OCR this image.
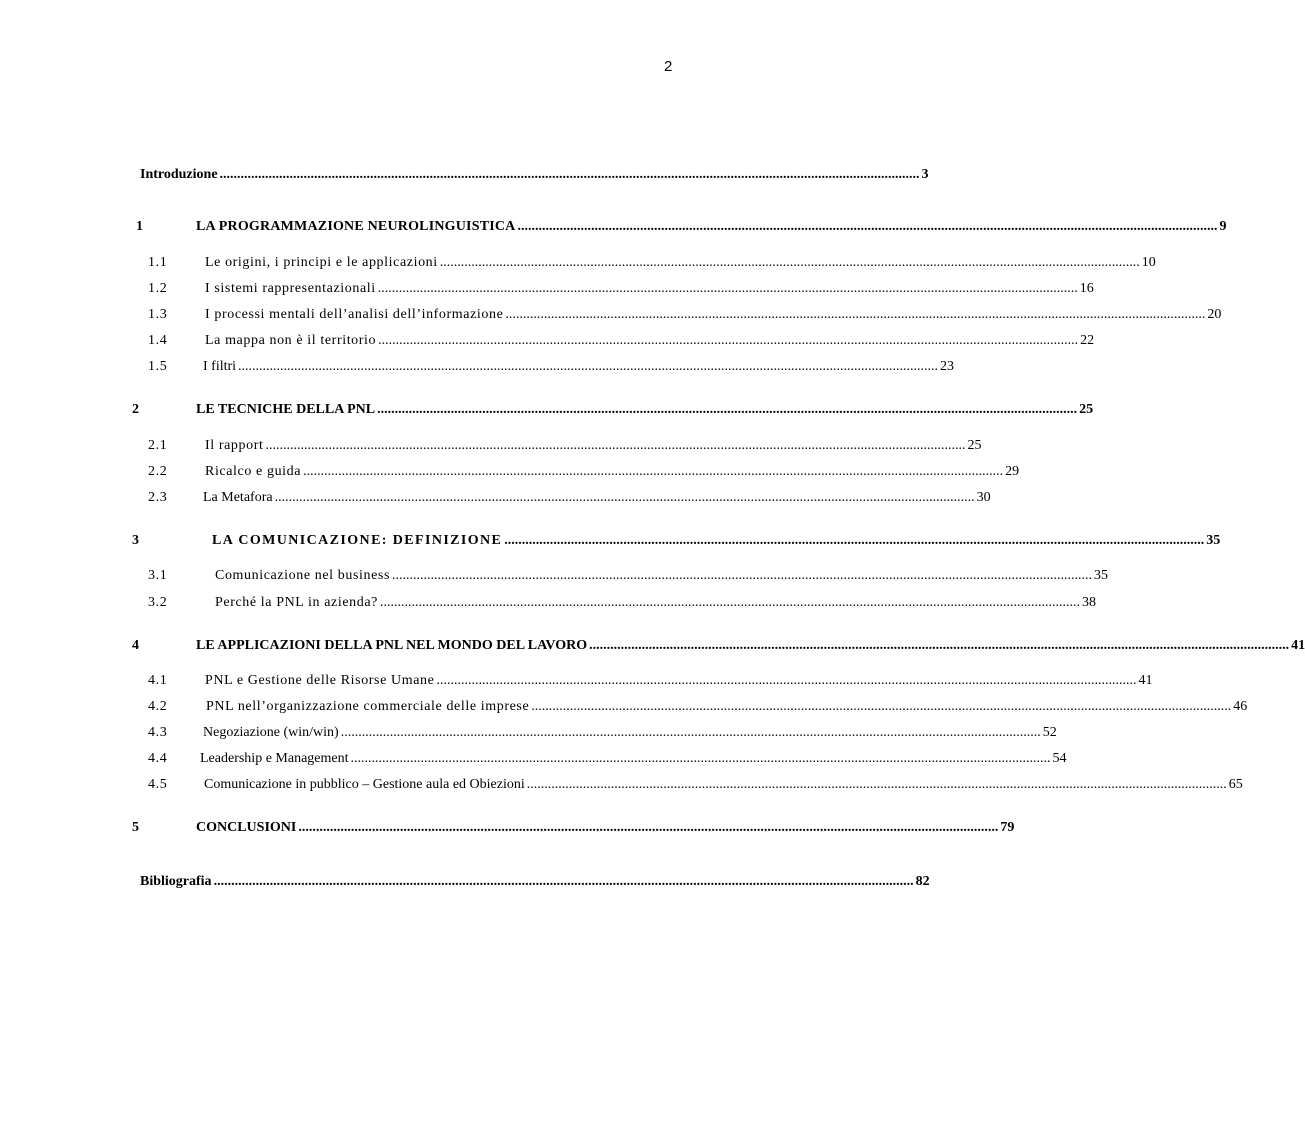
2
Introduzione .....	3
1	LA PROGRAMMAZIONE NEUROLINGUISTICA .....	9
1.1	Le origini, i principi e le applicazioni .....	10
1.2	I sistemi rappresentazionali .....	16
1.3	I processi mentali dell’analisi dell’informazione .....	20
1.4	La mappa non è il territorio .....	22
1.5	I filtri .....	23
2	LE TECNICHE DELLA PNL .....	25
2.1	Il rapport .....	25
2.2	Ricalco e guida .....	29
2.3	La Metafora .....	30
3	LA COMUNICAZIONE: DEFINIZIONE .....	35
3.1	Comunicazione nel business .....	35
3.2	Perché la PNL in azienda? .....	38
4	LE APPLICAZIONI DELLA PNL NEL MONDO DEL LAVORO .....	41
4.1	PNL e Gestione delle Risorse Umane .....	41
4.2	PNL nell’organizzazione commerciale delle imprese .....	46
4.3	Negoziazione (win/win) .....	52
4.4	Leadership e Management .....	54
4.5	Comunicazione in pubblico – Gestione aula ed Obiezioni .....	65
5	CONCLUSIONI .....	79
Bibliografia .....	82
